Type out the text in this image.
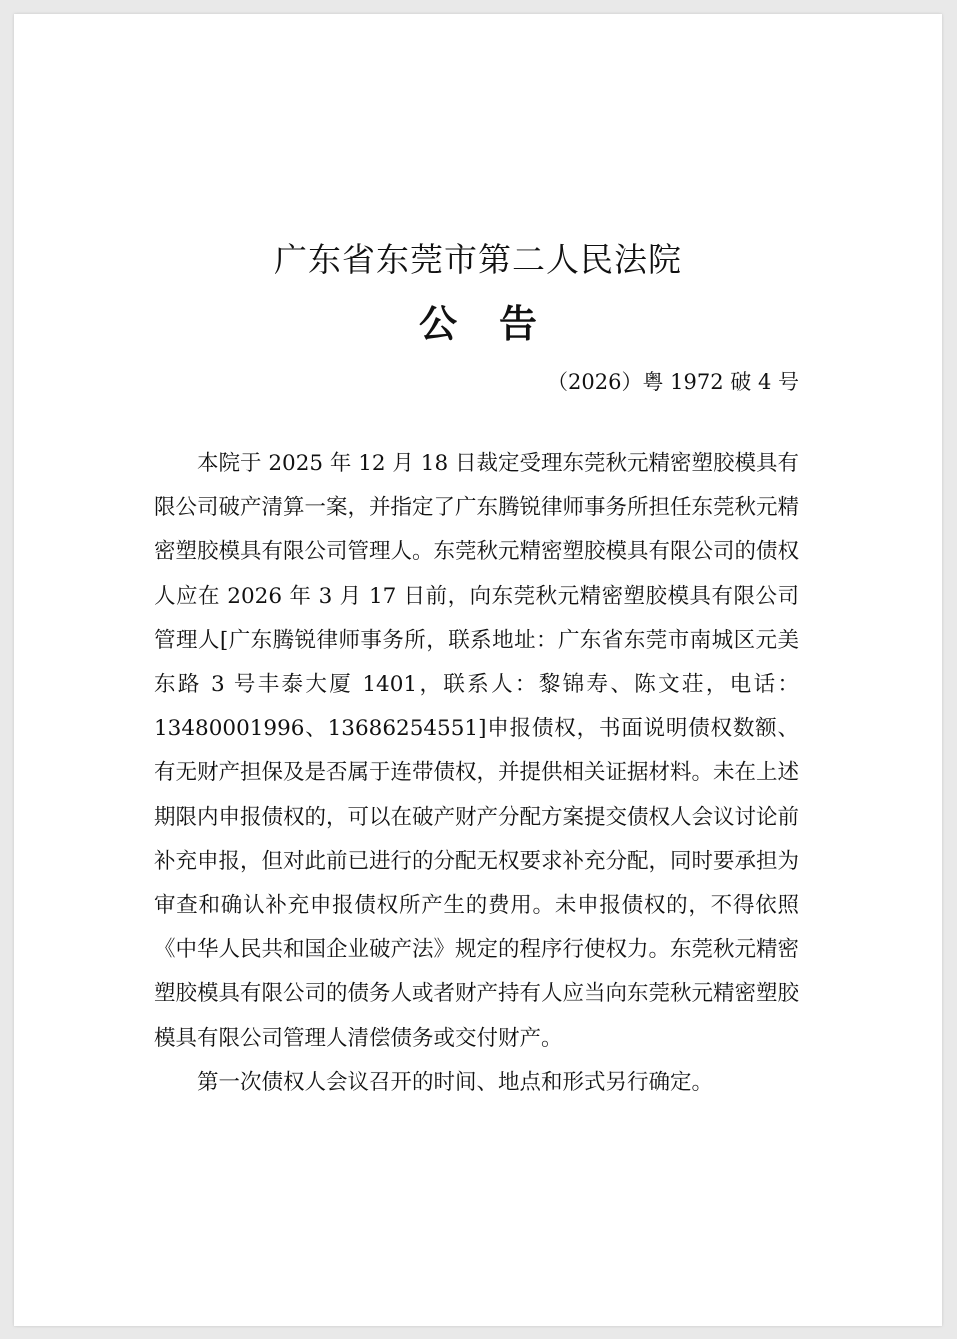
广东省东莞市第二人民法院
公告
（2026）粤 1972 破 4 号

本院于 2025 年 12 月 18 日裁定受理东莞秋元精密塑胶模具有限公司破产清算一案，并指定了广东腾锐律师事务所担任东莞秋元精密塑胶模具有限公司管理人。东莞秋元精密塑胶模具有限公司的债权人应在 2026 年 3 月 17 日前，向东莞秋元精密塑胶模具有限公司管理人[广东腾锐律师事务所，联系地址：广东省东莞市南城区元美东路 3 号丰泰大厦 1401，联系人：黎锦寿、陈文荘，电话：13480001996、13686254551]申报债权，书面说明债权数额、有无财产担保及是否属于连带债权，并提供相关证据材料。未在上述期限内申报债权的，可以在破产财产分配方案提交债权人会议讨论前补充申报，但对此前已进行的分配无权要求补充分配，同时要承担为审查和确认补充申报债权所产生的费用。未申报债权的，不得依照《中华人民共和国企业破产法》规定的程序行使权力。东莞秋元精密塑胶模具有限公司的债务人或者财产持有人应当向东莞秋元精密塑胶模具有限公司管理人清偿债务或交付财产。

第一次债权人会议召开的时间、地点和形式另行确定。
